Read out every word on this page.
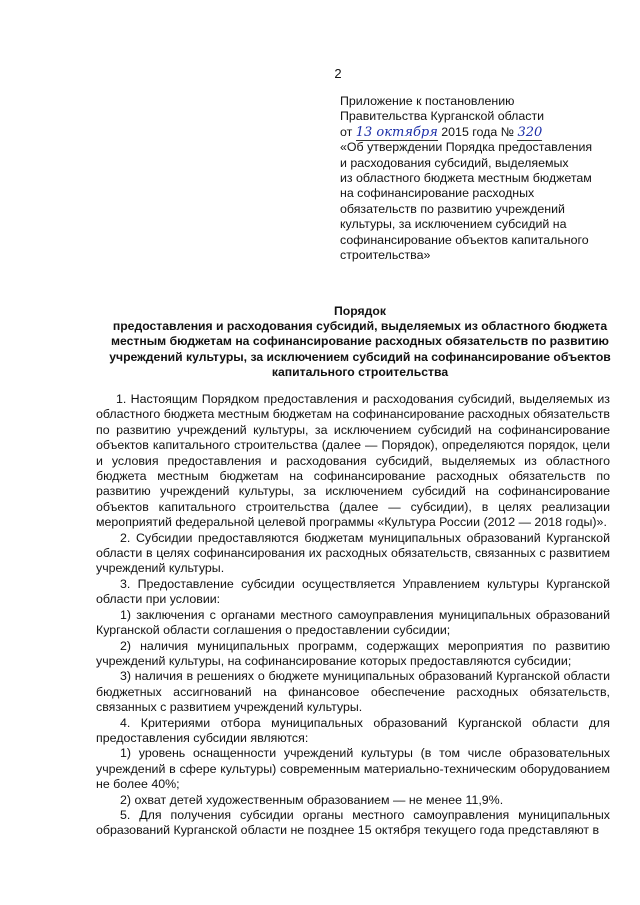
2
Приложение к постановлению
Правительства Курганской области
от 13 октября 2015 года № 320
«Об утверждении Порядка предоставления
и расходования субсидий, выделяемых
из областного бюджета местным бюджетам
на софинансирование расходных
обязательств по развитию учреждений
культуры, за исключением субсидий на
софинансирование объектов капитального
строительства»
Порядок
предоставления и расходования субсидий, выделяемых из областного бюджета
местным бюджетам на софинансирование расходных обязательств по развитию
учреждений культуры, за исключением субсидий на софинансирование объектов
капитального строительства

1. Настоящим Порядком предоставления и расходования субсидий, выделяемых из областного бюджета местным бюджетам на софинансирование расходных обязательств по развитию учреждений культуры, за исключением субсидий на софинансирование объектов капитального строительства (далее — Порядок), определяются порядок, цели и условия предоставления и расходования субсидий, выделяемых из областного бюджета местным бюджетам на софинансирование расходных обязательств по развитию учреждений культуры, за исключением субсидий на софинансирование объектов капитального строительства (далее — субсидии), в целях реализации мероприятий федеральной целевой программы «Культура России (2012 — 2018 годы)».

2. Субсидии предоставляются бюджетам муниципальных образований Курганской области в целях софинансирования их расходных обязательств, связанных с развитием учреждений культуры.

3. Предоставление субсидии осуществляется Управлением культуры Курганской области при условии:

1) заключения с органами местного самоуправления муниципальных образований Курганской области соглашения о предоставлении субсидии;

2) наличия муниципальных программ, содержащих мероприятия по развитию учреждений культуры, на софинансирование которых предоставляются субсидии;

3) наличия в решениях о бюджете муниципальных образований Курганской области бюджетных ассигнований на финансовое обеспечение расходных обязательств, связанных с развитием учреждений культуры.

4. Критериями отбора муниципальных образований Курганской области для предоставления субсидии являются:

1) уровень оснащенности учреждений культуры (в том числе образовательных учреждений в сфере культуры) современным материально-техническим оборудованием не более 40%;

2) охват детей художественным образованием — не менее 11,9%.

5. Для получения субсидии органы местного самоуправления муниципальных образований Курганской области не позднее 15 октября текущего года представляют в
